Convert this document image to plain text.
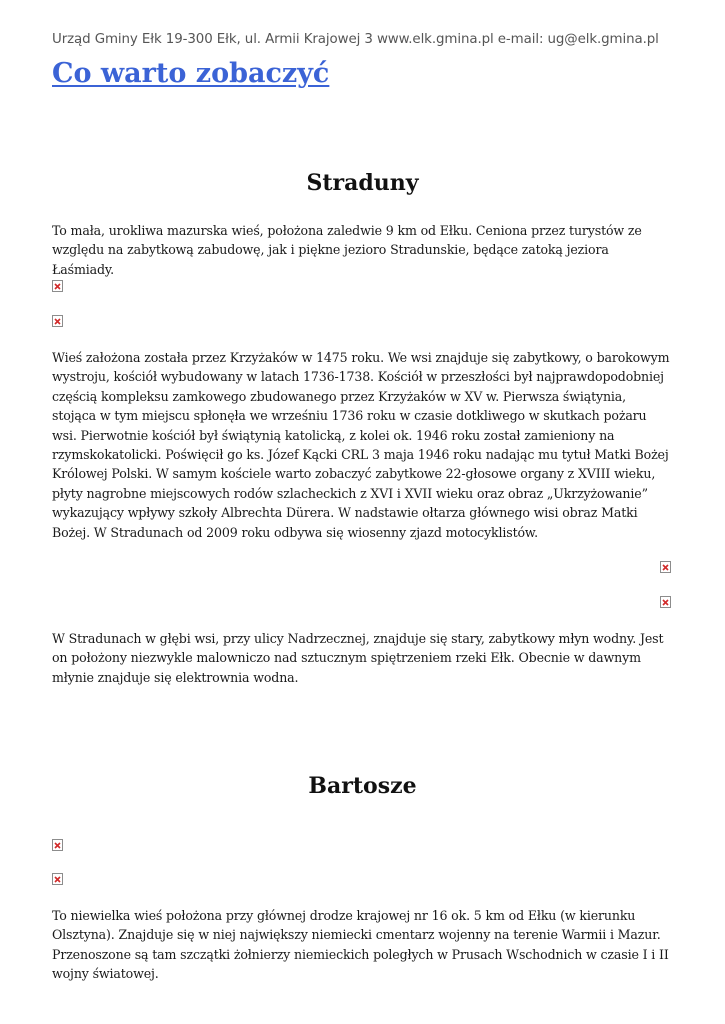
Urząd Gminy Ełk 19-300 Ełk, ul. Armii Krajowej 3 www.elk.gmina.pl e-mail: ug@elk.gmina.pl
Co warto zobaczyć
Straduny

To mała, urokliwa mazurska wieś, położona zaledwie 9 km od Ełku. Ceniona przez turystów ze względu na zabytkową zabudowę, jak i piękne jezioro Stradunskie, będące zatoką jeziora Łaśmiady.

Wieś założona została przez Krzyżaków w 1475 roku. We wsi znajduje się zabytkowy, o barokowym wystroju, kościół wybudowany w latach 1736-1738. Kościół w przeszłości był najprawdopodobniej częścią kompleksu zamkowego zbudowanego przez Krzyżaków w XV w. Pierwsza świątynia, stojąca w tym miejscu spłonęła we wrześniu 1736 roku w czasie dotkliwego w skutkach pożaru wsi. Pierwotnie kościół był świątynią katolicką, z kolei ok. 1946 roku został zamieniony na rzymskokatolicki. Poświęcił go ks. Józef Kącki CRL 3 maja 1946 roku nadając mu tytuł Matki Bożej Królowej Polski. W samym kościele warto zobaczyć zabytkowe 22-głosowe organy z XVIII wieku, płyty nagrobne miejscowych rodów szlacheckich z XVI i XVII wieku oraz obraz „Ukrzyżowanie” wykazujący wpływy szkoły Albrechta Dürera. W nadstawie ołtarza głównego wisi obraz Matki Bożej. W Stradunach od 2009 roku odbywa się wiosenny zjazd motocyklistów.

W Stradunach w głębi wsi, przy ulicy Nadrzecznej, znajduje się stary, zabytkowy młyn wodny. Jest on położony niezwykle malowniczo nad sztucznym spiętrzeniem rzeki Ełk. Obecnie w dawnym młynie znajduje się elektrownia wodna.

Bartosze

To niewielka wieś położona przy głównej drodze krajowej nr 16 ok. 5 km od Ełku (w kierunku Olsztyna). Znajduje się w niej największy niemiecki cmentarz wojenny na terenie Warmii i Mazur. Przenoszone są tam szczątki żołnierzy niemieckich poległych w Prusach Wschodnich w czasie I i II wojny światowej.
